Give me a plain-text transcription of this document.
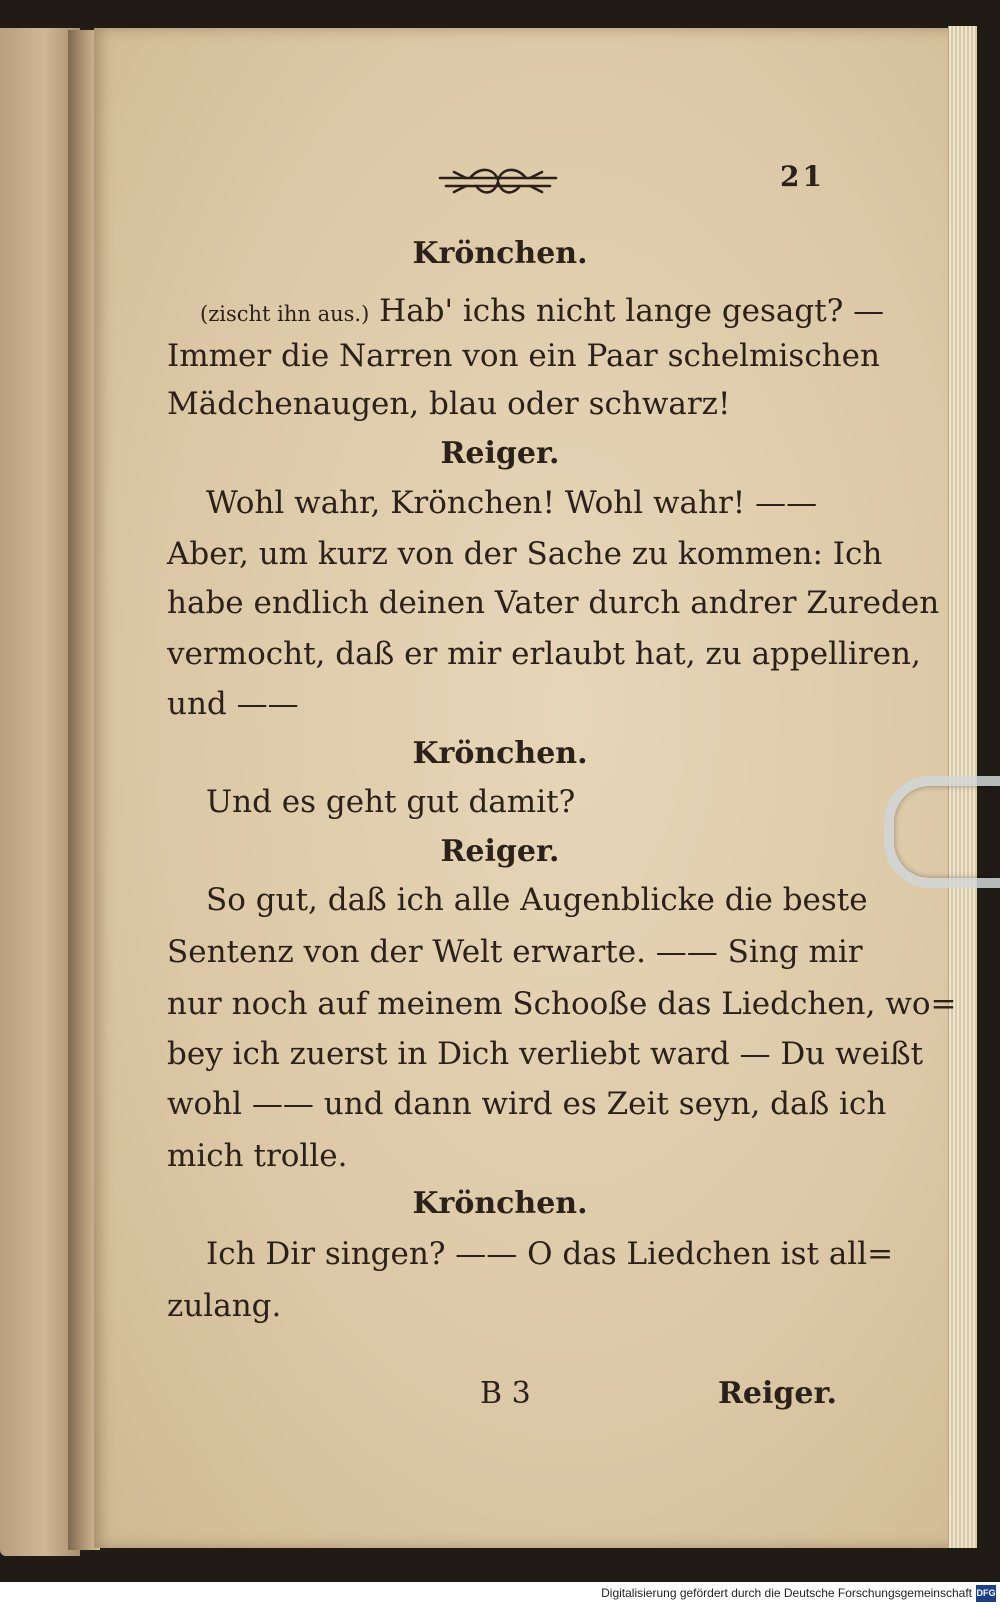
21
Krönchen.
(zischt ihn aus.) Hab' ichs nicht lange gesagt? —
Immer die Narren von ein Paar schelmischen
Mädchenaugen, blau oder schwarz!
Reiger.
Wohl wahr, Krönchen! Wohl wahr! ——
Aber, um kurz von der Sache zu kommen: Ich
habe endlich deinen Vater durch andrer Zureden
vermocht, daß er mir erlaubt hat, zu appelliren,
und ——
Krönchen.
Und es geht gut damit?
Reiger.
So gut, daß ich alle Augenblicke die beste
Sentenz von der Welt erwarte. —— Sing mir
nur noch auf meinem Schooße das Liedchen, wo=
bey ich zuerst in Dich verliebt ward — Du weißt
wohl —— und dann wird es Zeit seyn, daß ich
mich trolle.
Krönchen.
Ich Dir singen? —— O das Liedchen ist all=
zulang.
B 3	Reiger.
Digitalisierung gefördert durch die Deutsche Forschungsgemeinschaft DFG
